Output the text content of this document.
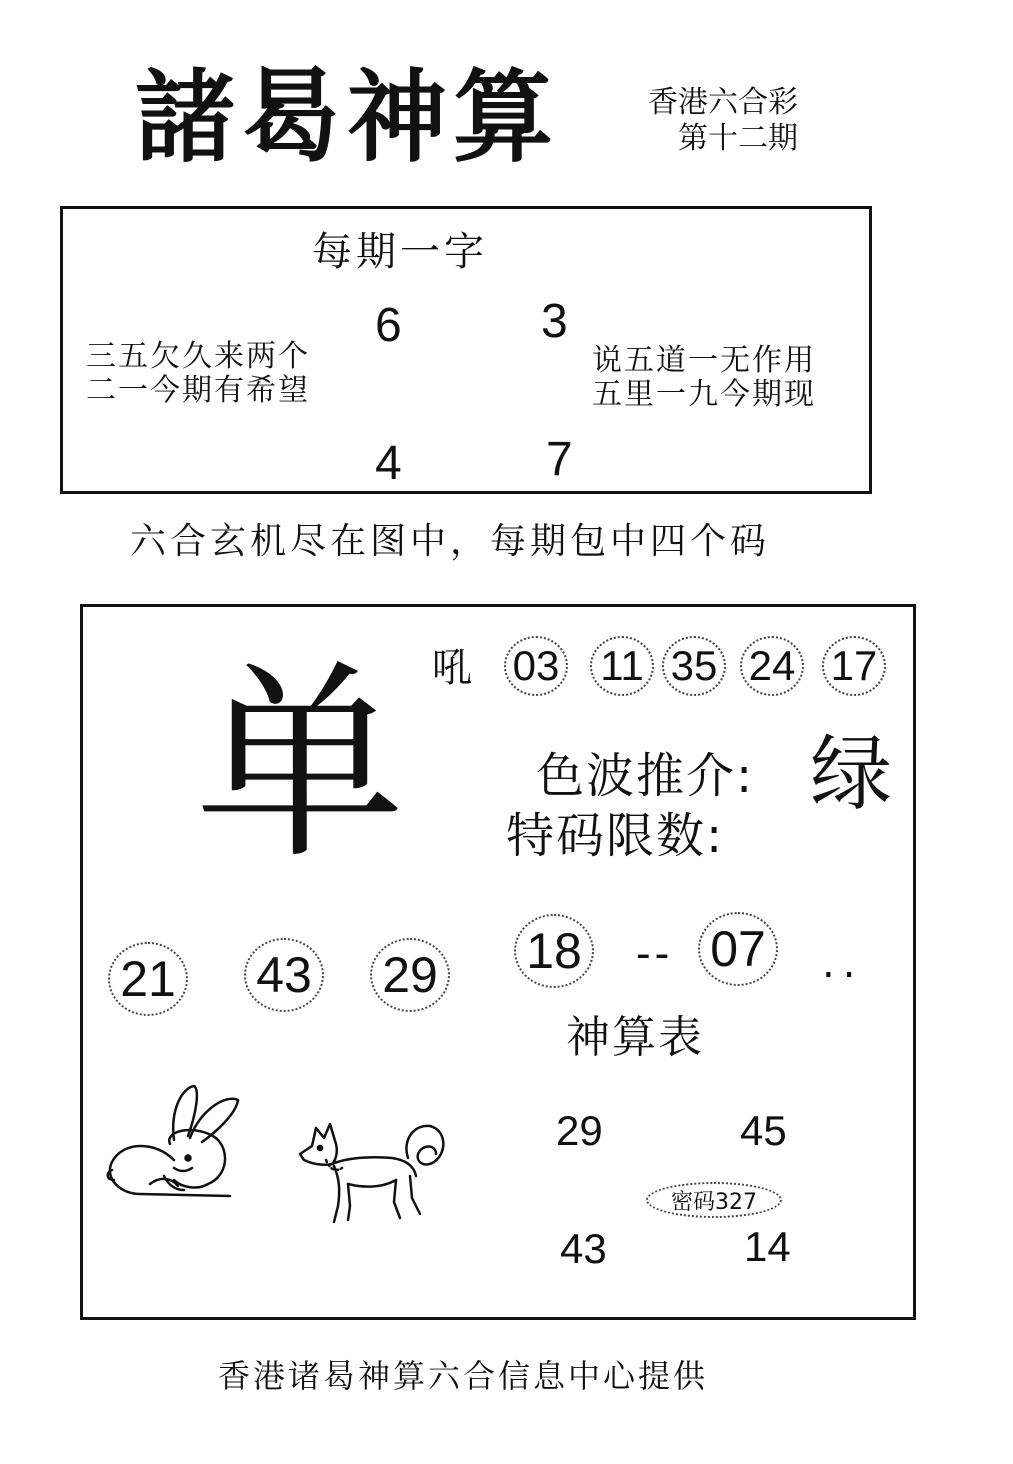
諸曷神算	香港六合彩
第十二期
每期一字
6	3
4	7
三五欠久来两个
二一今期有希望
说五道一无作用
五里一九今期现
六合玄机尽在图中，每期包中四个码
吼 03 11 35 24 17
单	色波推介: 绿
特码限数:
21 43 29 18 -- 07	..
神算表
29	45
43	14
密码327
香港诸曷神算六合信息中心提供
